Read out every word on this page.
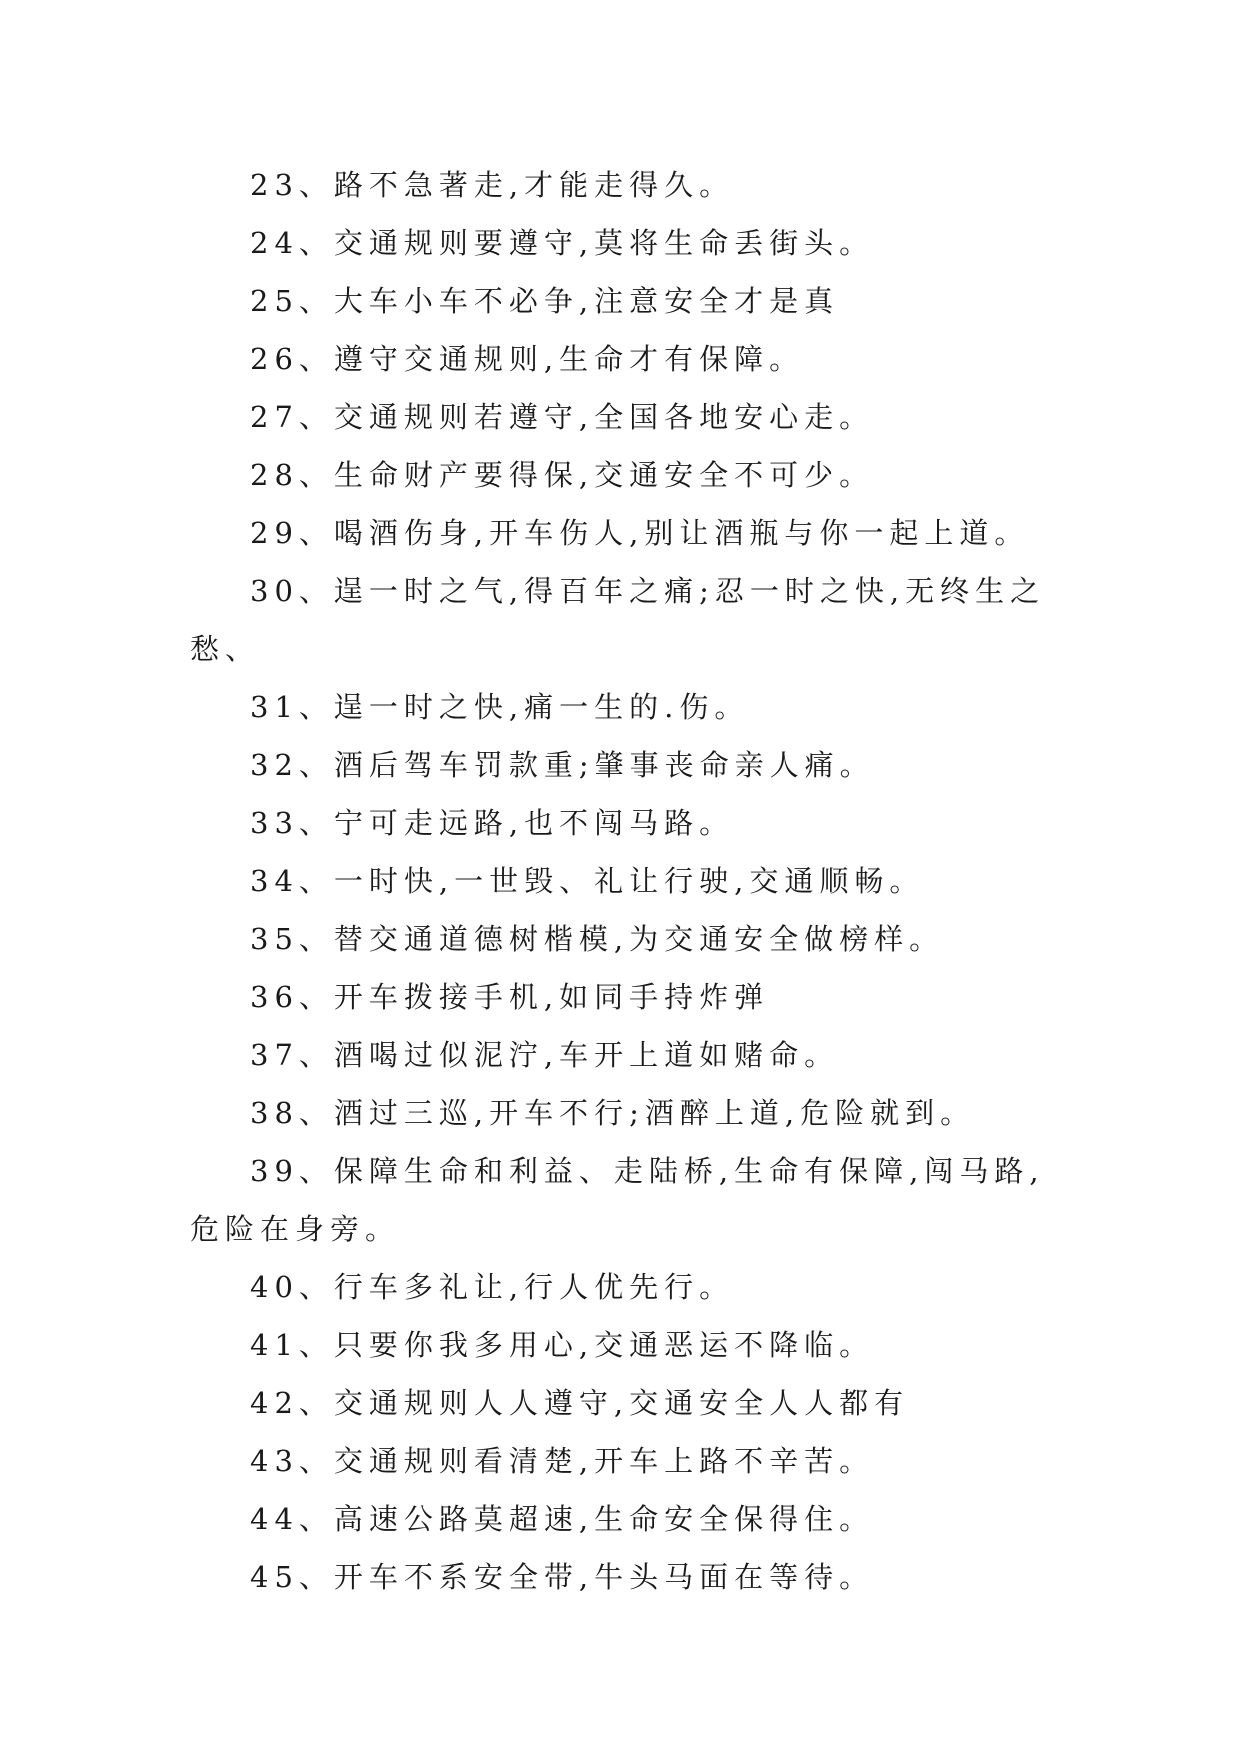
23、路不急著走,才能走得久。

24、交通规则要遵守,莫将生命丢街头。

25、大车小车不必争,注意安全才是真

26、遵守交通规则,生命才有保障。

27、交通规则若遵守,全国各地安心走。

28、生命财产要得保,交通安全不可少。

29、喝酒伤身,开车伤人,别让酒瓶与你一起上道。

30、逞一时之气,得百年之痛;忍一时之快,无终生之愁、

31、逞一时之快,痛一生的.伤。

32、酒后驾车罚款重;肇事丧命亲人痛。

33、宁可走远路,也不闯马路。

34、一时快,一世毁、礼让行驶,交通顺畅。

35、替交通道德树楷模,为交通安全做榜样。

36、开车拨接手机,如同手持炸弹

37、酒喝过似泥泞,车开上道如赌命。

38、酒过三巡,开车不行;酒醉上道,危险就到。

39、保障生命和利益、走陆桥,生命有保障,闯马路,危险在身旁。

40、行车多礼让,行人优先行。

41、只要你我多用心,交通恶运不降临。

42、交通规则人人遵守,交通安全人人都有

43、交通规则看清楚,开车上路不辛苦。

44、高速公路莫超速,生命安全保得住。

45、开车不系安全带,牛头马面在等待。
